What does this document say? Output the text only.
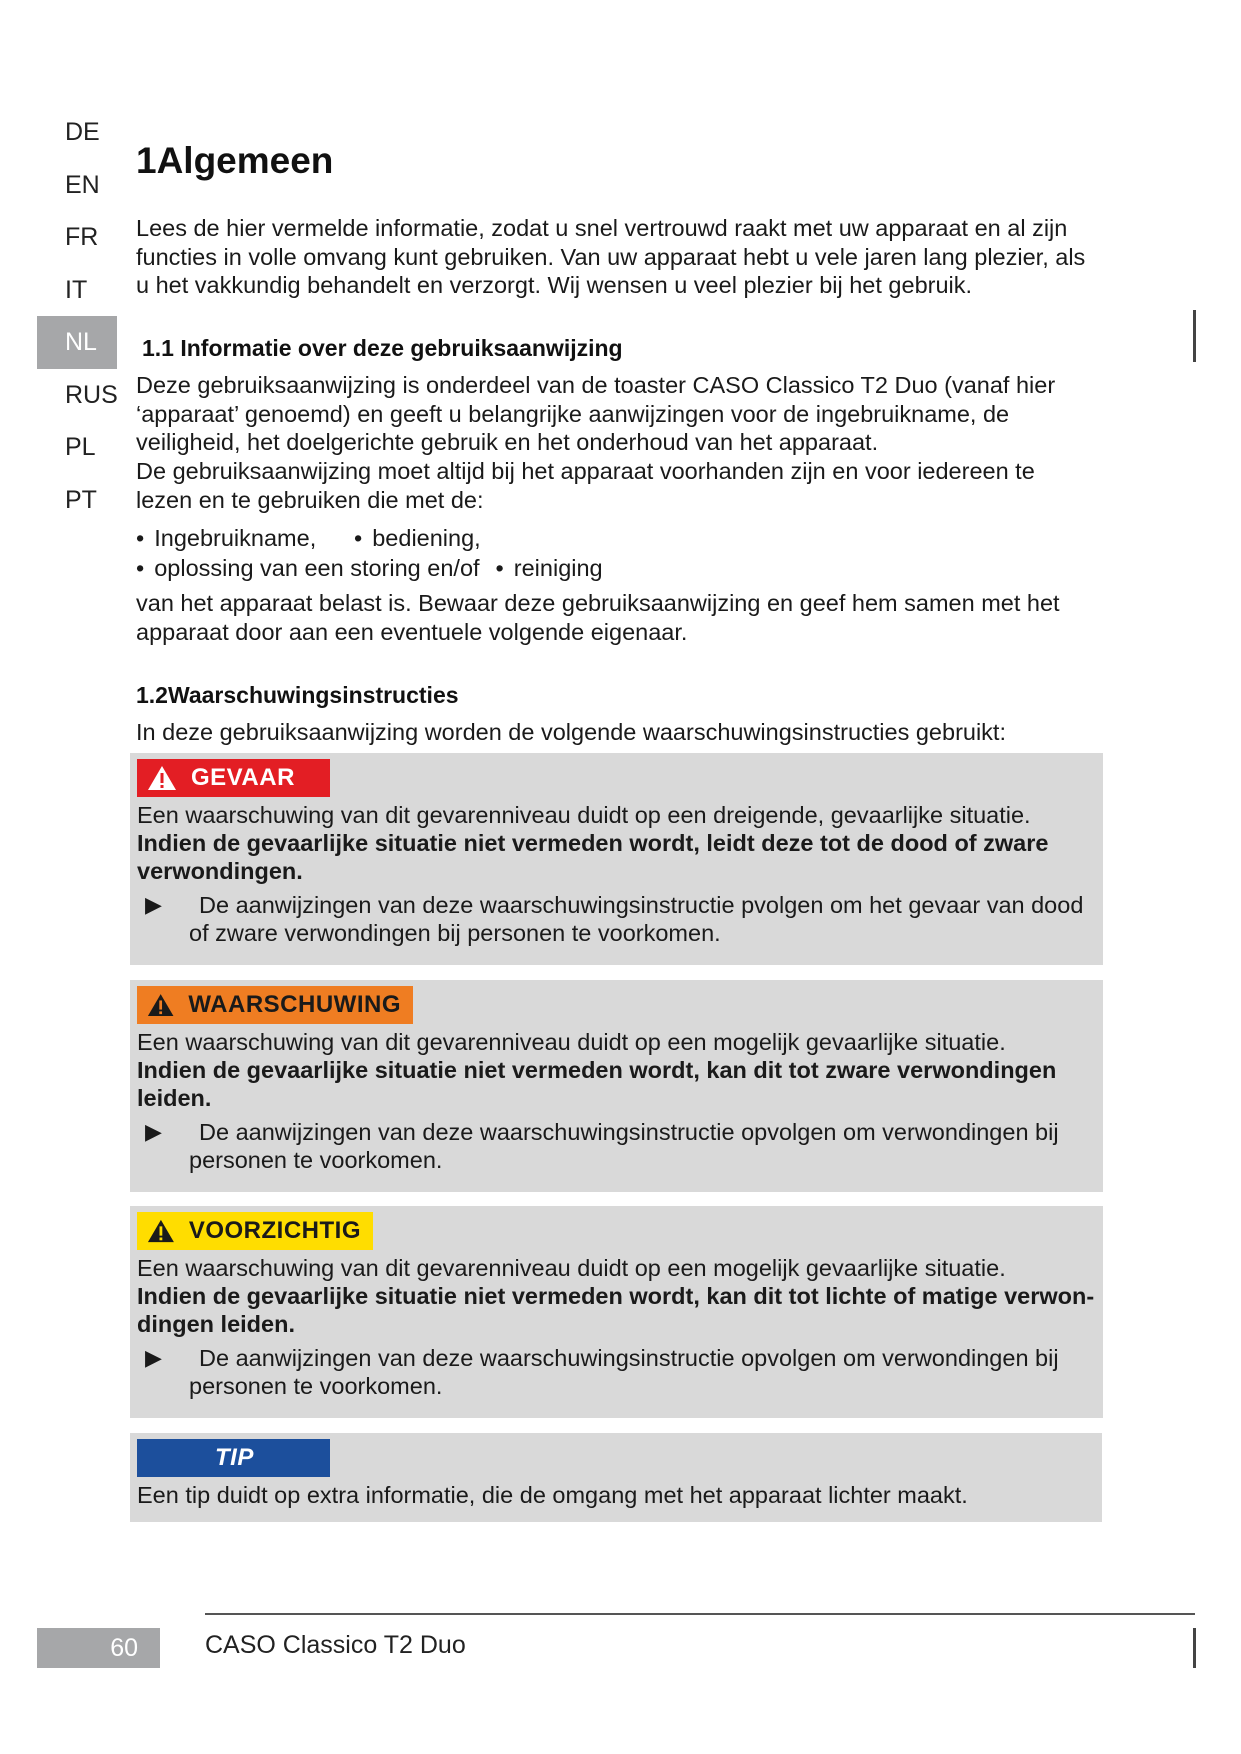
DE
EN
FR
IT
NL
RUS
PL
PT
1Algemeen

Lees de hier vermelde informatie, zodat u snel vertrouwd raakt met uw apparaat en al zijn functies in volle omvang kunt gebruiken. Van uw apparaat hebt u vele jaren lang plezier, als u het vakkundig behandelt en verzorgt. Wij wensen u veel plezier bij het gebruik.

1.1 Informatie over deze gebruiksaanwijzing

Deze gebruiksaanwijzing is onderdeel van de toaster CASO Classico T2 Duo (vanaf hier ‘apparaat’ genoemd) en geeft u belangrijke aanwijzingen voor de ingebruikname, de veiligheid, het doelgerichte gebruik en het onderhoud van het apparaat.

De gebruiksaanwijzing moet altijd bij het apparaat voorhanden zijn en voor iedereen te lezen en te gebruiken die met de:

• Ingebruikname,	• bediening,
• oplossing van een storing en/of • reiniging

van het apparaat belast is. Bewaar deze gebruiksaanwijzing en geef hem samen met het apparaat door aan een eventuele volgende eigenaar.

1.2Waarschuwingsinstructies

In deze gebruiksaanwijzing worden de volgende waarschuwingsinstructies gebruikt:

GEVAAR

Een waarschuwing van dit gevarenniveau duidt op een dreigende, gevaarlijke situatie.

Indien de gevaarlijke situatie niet vermeden wordt, leidt deze tot de dood of zware verwondingen.

▶	De aanwijzingen van deze waarschuwingsinstructie pvolgen om het gevaar van dood of zware verwondingen bij personen te voorkomen.
WAARSCHUWING

Een waarschuwing van dit gevarenniveau duidt op een mogelijk gevaarlijke situatie.

Indien de gevaarlijke situatie niet vermeden wordt, kan dit tot zware verwondingen leiden.

▶	De aanwijzingen van deze waarschuwingsinstructie opvolgen om verwondingen bij personen te voorkomen.
VOORZICHTIG

Een waarschuwing van dit gevarenniveau duidt op een mogelijk gevaarlijke situatie.

Indien de gevaarlijke situatie niet vermeden wordt, kan dit tot lichte of matige verwon-dingen leiden.

▶	De aanwijzingen van deze waarschuwingsinstructie opvolgen om verwondingen bij personen te voorkomen.
TIP

Een tip duidt op extra informatie, die de omgang met het apparaat lichter maakt.

60	CASO Classico T2 Duo
